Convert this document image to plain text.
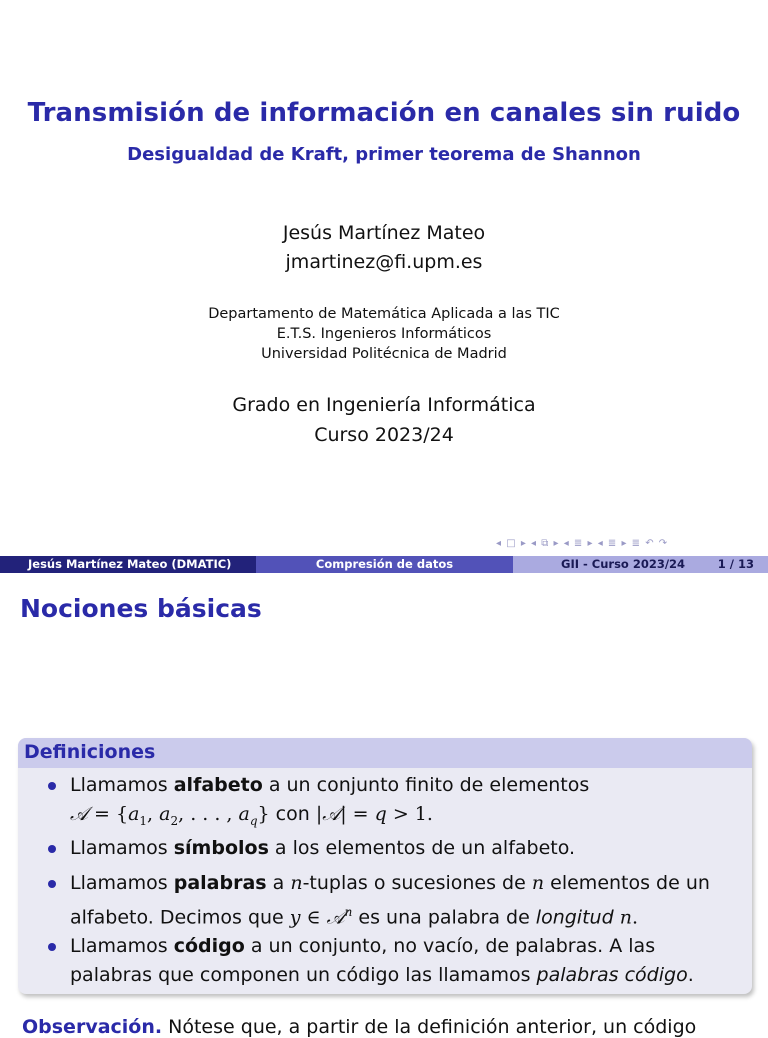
Transmisión de información en canales sin ruido
Desigualdad de Kraft, primer teorema de Shannon
Jesús Martínez Mateo
jmartinez@fi.upm.es
Departamento de Matemática Aplicada a las TIC
E.T.S. Ingenieros Informáticos
Universidad Politécnica de Madrid
Grado en Ingeniería Informática
Curso 2023/24
◂ □ ▸ ◂ ⧉ ▸ ◂ ≣ ▸ ◂ ≣ ▸ ≣ ↶ ↷
Jesús Martínez Mateo (DMATIC)	Compresión de datos	GII - Curso 2023/24	1 / 13
Nociones básicas
Definiciones
Llamamos alfabeto a un conjunto finito de elementos
𝒜 = {$a_1$, $a_2$, . . . , $a_q$} con |𝒜| = q > 1.
Llamamos símbolos a los elementos de un alfabeto.
Llamamos palabras a n-tuplas o sucesiones de n elementos de un
alfabeto. Decimos que y ∈ 𝒜$^n$ es una palabra de longitud n.
Llamamos código a un conjunto, no vacío, de palabras. A las
palabras que componen un código las llamamos palabras código.
Observación. Nótese que, a partir de la definición anterior, un código
